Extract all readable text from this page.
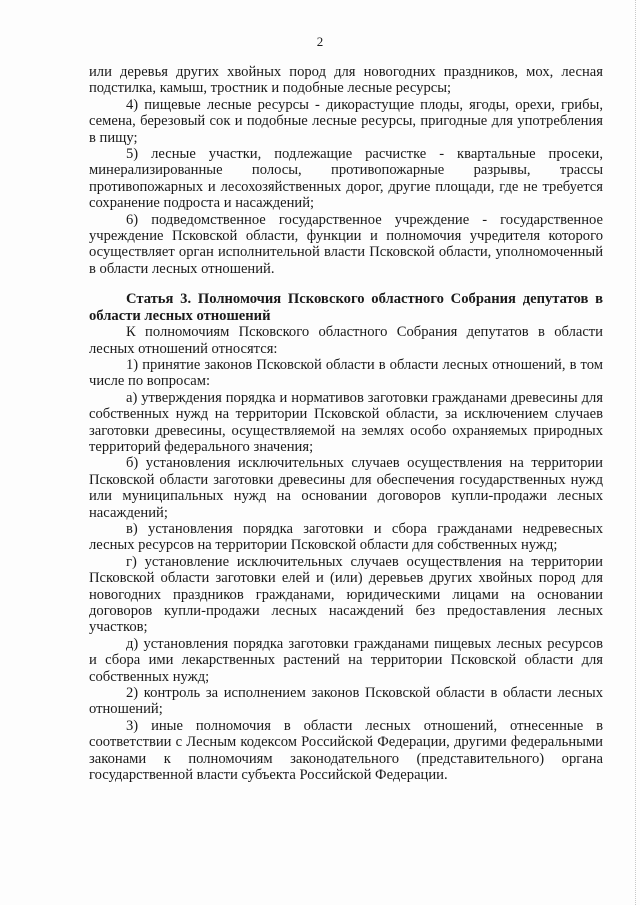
2

или деревья других хвойных пород для новогодних праздников, мох, лесная подстилка, камыш, тростник и подобные лесные ресурсы;

4) пищевые лесные ресурсы - дикорастущие плоды, ягоды, орехи, грибы, семена, березовый сок и подобные лесные ресурсы, пригодные для употребления в пищу;

5) лесные участки, подлежащие расчистке - квартальные просеки, минерализированные полосы, противопожарные разрывы, трассы противопожарных и лесохозяйственных дорог, другие площади, где не требуется сохранение подроста и насаждений;

6) подведомственное государственное учреждение - государственное учреждение Псковской области, функции и полномочия учредителя которого осуществляет орган исполнительной власти Псковской области, уполномоченный в области лесных отношений.

Статья 3. Полномочия Псковского областного Собрания депутатов в области лесных отношений

К полномочиям Псковского областного Собрания депутатов в области лесных отношений относятся:

1) принятие законов Псковской области в области лесных отношений, в том числе по вопросам:

а) утверждения порядка и нормативов заготовки гражданами древесины для собственных нужд на территории Псковской области, за исключением случаев заготовки древесины, осуществляемой на землях особо охраняемых природных территорий федерального значения;

б) установления исключительных случаев осуществления на территории Псковской области заготовки древесины для обеспечения государственных нужд или муниципальных нужд на основании договоров купли-продажи лесных насаждений;

в) установления порядка заготовки и сбора гражданами недревесных лесных ресурсов на территории Псковской области для собственных нужд;

г) установление исключительных случаев осуществления на территории Псковской области заготовки елей и (или) деревьев других хвойных пород для новогодних праздников гражданами, юридическими лицами на основании договоров купли-продажи лесных насаждений без предоставления лесных участков;

д) установления порядка заготовки гражданами пищевых лесных ресурсов и сбора ими лекарственных растений на территории Псковской области для собственных нужд;

2) контроль за исполнением законов Псковской области в области лесных отношений;

3) иные полномочия в области лесных отношений, отнесенные в соответствии с Лесным кодексом Российской Федерации, другими федеральными законами к полномочиям законодательного (представительного) органа государственной власти субъекта Российской Федерации.
